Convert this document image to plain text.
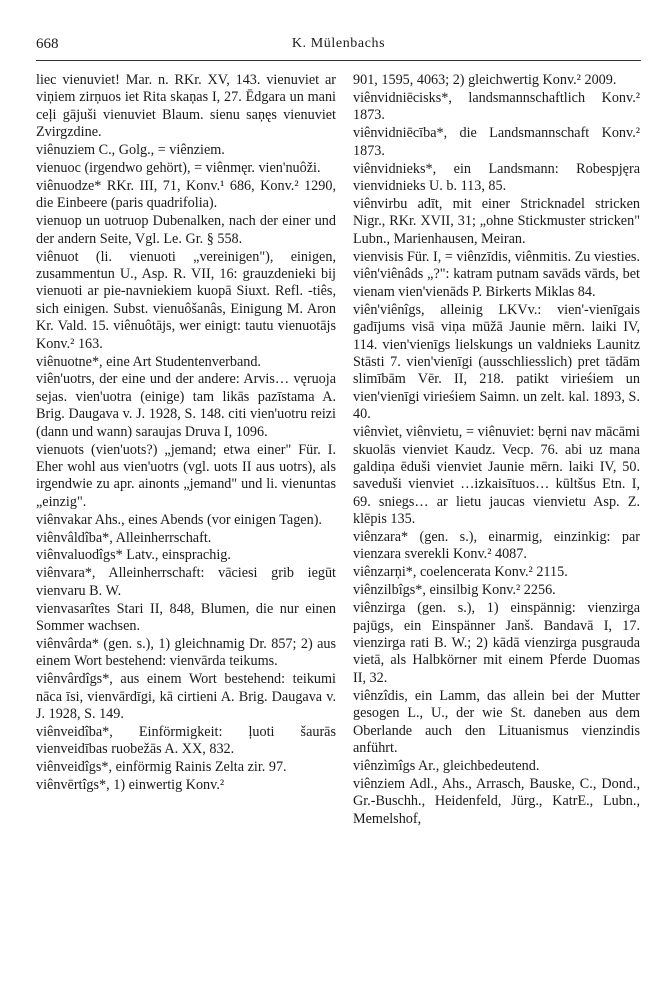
668	K. Mülenbachs

liec vienuviet! Mar. n. RKr. XV, 143. vienuviet ar viņiem zirņuos iet Rita skaņas I, 27. Ēdgara un mani ceļi gājuši vienuviet Blaum. sienu saņęs vienuviet Zvirgzdine.

viênuziem C., Golg., = viênziem.

vienuoc (irgendwo gehört), = viênmęr. vien'nuôži.

viênuodze* RKr. III, 71, Konv.¹ 686, Konv.² 1290, die Einbeere (paris quadrifolia).

vienuop un uotruop Dubenalken, nach der einer und der andern Seite, Vgl. Le. Gr. § 558.

viênuot (li. vienuoti „vereinigen"), einigen, zusammentun U., Asp. R. VII, 16: grauzdenieki bij vienuoti ar pie-navniekiem kuopā Siuxt. Refl. -tiês, sich einigen. Subst. vienuôšanâs, Einigung M. Aron Kr. Vald. 15. viênuôtājs, wer einigt: tautu vienuotājs Konv.² 163.

viênuotne*, eine Art Studentenverband.

viên'uotrs, der eine und der andere: Arvis… vęruoja sejas. vien'uotra (einige) tam likās pazīstama A. Brig. Daugava v. J. 1928, S. 148. citi vien'uotru reizi (dann und wann) saraujas Druva I, 1096.

vienuots (vien'uots?) „jemand; etwa einer" Für. I. Eher wohl aus vien'uotrs (vgl. uots II aus uotrs), als irgendwie zu apr. ainonts „jemand" und li. vienuntas „einzig".

viênvakar Ahs., eines Abends (vor einigen Tagen).

viênvâldîba*, Alleinherrschaft.

viênvaluodîgs* Latv., einsprachig.

viênvara*, Alleinherrschaft: vāciesi grib iegūt vienvaru B. W.

vienvasarîtes Stari II, 848, Blumen, die nur einen Sommer wachsen.

viênvârda* (gen. s.), 1) gleichnamig Dr. 857; 2) aus einem Wort bestehend: vienvārda teikums.

viênvârdîgs*, aus einem Wort bestehend: teikumi nāca īsi, vienvārdīgi, kā cirtieni A. Brig. Daugava v. J. 1928, S. 149.

viênveidîba*, Einförmigkeit: ļuoti šaurās vienveidības ruobežās A. XX, 832.

viênveidîgs*, einförmig Rainis Zelta zir. 97.

viênvērtîgs*, 1) einwertig Konv.²

901, 1595, 4063; 2) gleichwertig Konv.² 2009.

viênvidniēcisks*, landsmannschaftlich Konv.² 1873.

viênvidniēcība*, die Landsmannschaft Konv.² 1873.

viênvidnieks*, ein Landsmann: Robespjęra vienvidnieks U. b. 113, 85.

viênvirbu adīt, mit einer Stricknadel stricken Nigr., RKr. XVII, 31; „ohne Stickmuster stricken" Lubn., Marienhausen, Meiran.

vienvisis Für. I, = viênzīdis, viênmitis. Zu viesties.

viên'viênâds „?": katram putnam savāds vārds, bet vienam vien'vienāds P. Birkerts Miklas 84.

viên'viênîgs, alleinig LKVv.: vien'-vienīgais gadījums visā viņa mūžā Jaunie mērn. laiki IV, 114. vien'vienīgs lielskungs un valdnieks Launitz Stāsti 7. vien'vienīgi (ausschliesslich) pret tādām slimībām Vēr. II, 218. patikt virieśiem un vien'vienīgi virieśiem Saimn. un zelt. kal. 1893, S. 40.

viênvìet, viênvietu, = viênuviet: bęrni nav mācāmi skuolās vienviet Kaudz. Vecp. 76. abi uz mana galdiņa ēduši vienviet Jaunie mērn. laiki IV, 50. saveduši vienviet …izkaisītuos… kūltšus Etn. I, 69. sniegs… ar lietu jaucas vienvietu Asp. Z. klēpis 135.

viênzara* (gen. s.), einarmig, einzinkig: par vienzara sverekli Konv.² 4087.

viênzarņi*, coelencerata Konv.² 2115.

viênzilbîgs*, einsilbig Konv.² 2256.

viênzirga (gen. s.), 1) einspännig: vienzirga pajūgs, ein Einspänner Janš. Bandavā I, 17. vienzirga rati B. W.; 2) kādā vienzirga pusgrauda vietā, als Halbkörner mit einem Pferde Duomas II, 32.

viênzîdis, ein Lamm, das allein bei der Mutter gesogen L., U., der wie St. daneben aus dem Oberlande auch den Lituanismus vienzindis anführt.

viênzìmîgs Ar., gleichbedeutend.

viênziem Adl., Ahs., Arrasch, Bauske, C., Dond., Gr.-Buschh., Heidenfeld, Jürg., KatrE., Lubn., Memelshof,
